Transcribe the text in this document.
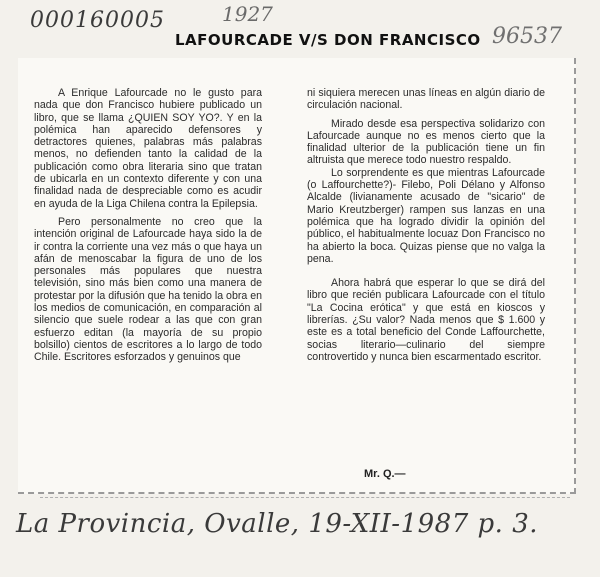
000160005	1927
96537
LAFOURCADE V/S DON FRANCISCO

A Enrique Lafourcade no le gusto para nada que don Francisco hubiere publicado un libro, que se llama ¿QUIEN SOY YO?. Y en la polémica han aparecido defensores y detractores quienes, palabras más palabras menos, no defienden tanto la calidad de la publicación como obra literaria sino que tratan de ubicarla en un contexto diferente y con una finalidad nada de despreciable como es acudir en ayuda de la Liga Chilena contra la Epilepsia.

Pero personalmente no creo que la intención original de Lafourcade haya sido la de ir contra la corriente una vez más o que haya un afán de menoscabar la figura de uno de los personales más populares que nuestra televisión, sino más bien como una manera de protestar por la difusión que ha tenido la obra en los medios de comunicación, en comparación al silencio que suele rodear a las que con gran esfuerzo editan (la mayoría de su propio bolsillo) cientos de escritores a lo largo de todo Chile. Escritores esforzados y genuinos que

ni siquiera merecen unas líneas en algún diario de circulación nacional.

Mirado desde esa perspectiva solidarizo con Lafourcade aunque no es menos cierto que la finalidad ulterior de la publicación tiene un fin altruista que merece todo nuestro respaldo.

Lo sorprendente es que mientras Lafourcade (o Laffourchette?)- Filebo, Poli Délano y Alfonso Alcalde (livianamente acusado de "sicario" de Mario Kreutzberger) rampen sus lanzas en una polémica que ha logrado dividir la opinión del público, el habitualmente locuaz Don Francisco no ha abierto la boca. Quizas piense que no valga la pena.

Ahora habrá que esperar lo que se dirá del libro que recién publicara Lafourcade con el título "La Cocina erótica" y que está en kioscos y librerías. ¿Su valor? Nada menos que $ 1.600 y este es a total beneficio del Conde Laffourchette, socias literario—culinario del siempre controvertido y nunca bien escarmentado escritor.

Mr. Q.—
La Provincia, Ovalle, 19-XII-1987 p. 3.
